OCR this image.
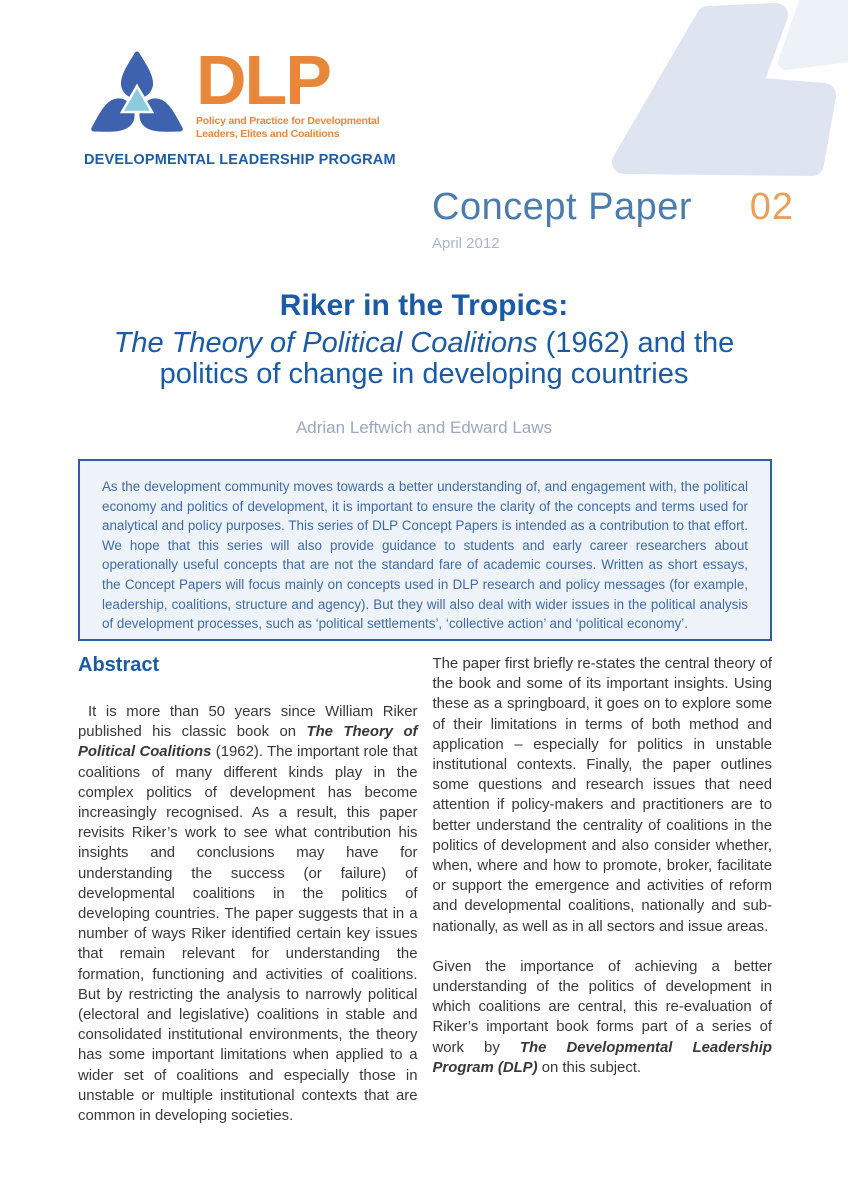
DLP
Policy and Practice for Developmental
Leaders, Elites and Coalitions
DEVELOPMENTAL LEADERSHIP PROGRAM
Concept Paper 02
April 2012
Riker in the Tropics:
The Theory of Political Coalitions (1962) and the
politics of change in developing countries
Adrian Leftwich and Edward Laws
As the development community moves towards a better understanding of, and engagement with, the political economy and politics of development, it is important to ensure the clarity of the concepts and terms used for analytical and policy purposes. This series of DLP Concept Papers is intended as a contribution to that effort. We hope that this series will also provide guidance to students and early career researchers about operationally useful concepts that are not the standard fare of academic courses. Written as short essays, the Concept Papers will focus mainly on concepts used in DLP research and policy messages (for example, leadership, coalitions, structure and agency). But they will also deal with wider issues in the political analysis of development processes, such as ‘political settlements’, ‘collective action’ and ‘political economy’.
Abstract

It is more than 50 years since William Riker published his classic book on The Theory of Political Coalitions (1962). The important role that coalitions of many different kinds play in the complex politics of development has become increasingly recognised. As a result, this paper revisits Riker’s work to see what contribution his insights and conclusions may have for understanding the success (or failure) of developmental coalitions in the politics of developing countries. The paper suggests that in a number of ways Riker identified certain key issues that remain relevant for understanding the formation, functioning and activities of coalitions. But by restricting the analysis to narrowly political (electoral and legislative) coalitions in stable and consolidated institutional environments, the theory has some important limitations when applied to a wider set of coalitions and especially those in unstable or multiple institutional contexts that are common in developing societies.

The paper first briefly re-states the central theory of the book and some of its important insights. Using these as a springboard, it goes on to explore some of their limitations in terms of both method and application – especially for politics in unstable institutional contexts. Finally, the paper outlines some questions and research issues that need attention if policy-makers and practitioners are to better understand the centrality of coalitions in the politics of development and also consider whether, when, where and how to promote, broker, facilitate or support the emergence and activities of reform and developmental coalitions, nationally and sub-nationally, as well as in all sectors and issue areas.

Given the importance of achieving a better understanding of the politics of development in which coalitions are central, this re-evaluation of Riker’s important book forms part of a series of work by The Developmental Leadership Program (DLP) on this subject.
